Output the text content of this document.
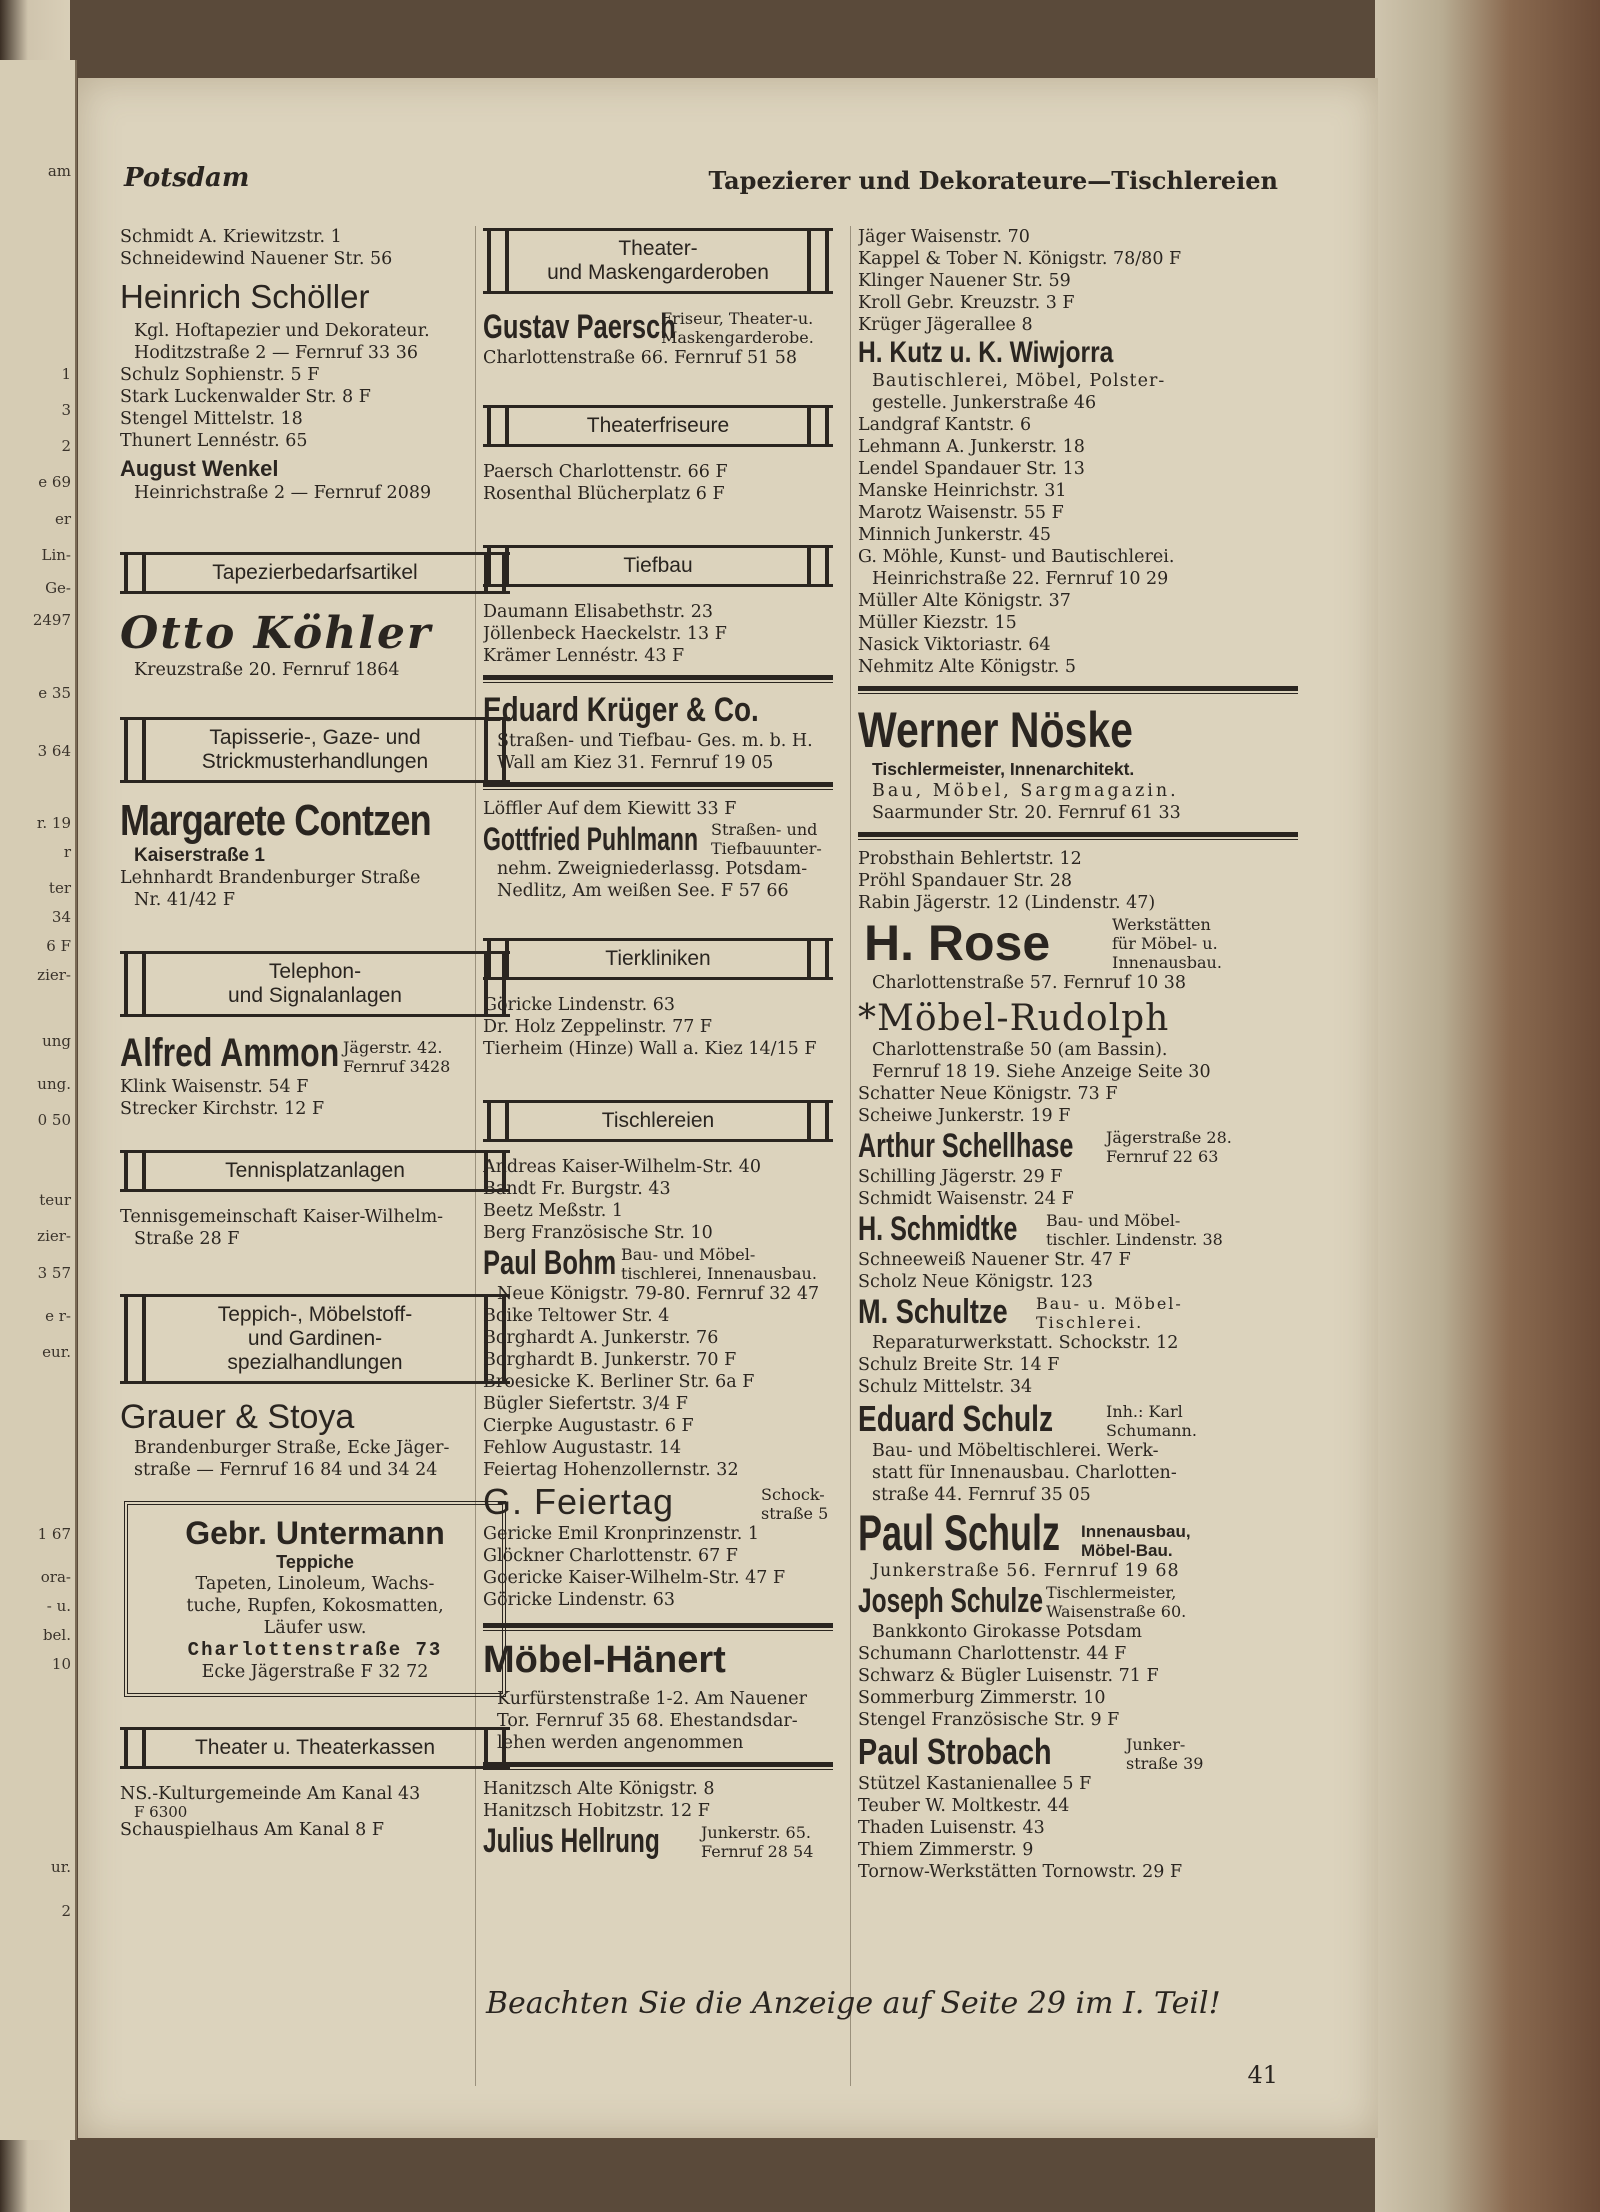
am
1
3
2
e 69
er
Lin-
Ge-
2497
e 35
3 64
r. 19
r
ter
34
6 F
zier-
ung
ung.
0 50
teur
zier-
3 57
e r-
eur.
1 67
ora-
- u.
bel.
10
ur.
2
Potsdam	Tapezierer und Dekorateure—Tischlereien
Schmidt A. Kriewitzstr. 1
Schneidewind Nauener Str. 56
Heinrich Schöller
Kgl. Hoftapezier und Dekorateur.
Hoditzstraße 2 — Fernruf 33 36
Schulz Sophienstr. 5 F
Stark Luckenwalder Str. 8 F
Stengel Mittelstr. 18
Thunert Lennéstr. 65
August Wenkel
Heinrichstraße 2 — Fernruf 2089
Tapezierbedarfsartikel
Otto Köhler
Kreuzstraße 20. Fernruf 1864
Tapisserie-, Gaze- und
Strickmusterhandlungen
Margarete Contzen
Kaiserstraße 1
Lehnhardt Brandenburger Straße
Nr. 41/42 F
Telephon-
und Signalanlagen
Alfred Ammon Jägerstr. 42.
Fernruf 3428
Klink Waisenstr. 54 F
Strecker Kirchstr. 12 F
Tennisplatzanlagen
Tennisgemeinschaft Kaiser-Wilhelm-
Straße 28 F
Teppich-, Möbelstoff-
und Gardinen-
spezialhandlungen
Grauer & Stoya
Brandenburger Straße, Ecke Jäger-
straße — Fernruf 16 84 und 34 24
Gebr. Untermann
Teppiche
Tapeten, Linoleum, Wachs-
tuche, Rupfen, Kokosmatten,
Läufer usw.
Charlottenstraße 73
Ecke Jägerstraße F 32 72
Theater u. Theaterkassen
NS.-Kulturgemeinde Am Kanal 43
F 6300
Schauspielhaus Am Kanal 8 F
Theater-
und Maskengarderoben
Gustav Paersch
Friseur, Theater-u.
Maskengarderobe.
Charlottenstraße 66. Fernruf 51 58
Theaterfriseure
Paersch Charlottenstr. 66 F
Rosenthal Blücherplatz 6 F
Tiefbau
Daumann Elisabethstr. 23
Jöllenbeck Haeckelstr. 13 F
Krämer Lennéstr. 43 F
Eduard Krüger & Co.
Straßen- und Tiefbau- Ges. m. b. H.
Wall am Kiez 31. Fernruf 19 05
Löffler Auf dem Kiewitt 33 F
Gottfried Puhlmann Straßen- und
Tiefbauunter-
nehm. Zweigniederlassg. Potsdam-
Nedlitz, Am weißen See. F 57 66
Tierkliniken
Göricke Lindenstr. 63
Dr. Holz Zeppelinstr. 77 F
Tierheim (Hinze) Wall a. Kiez 14/15 F
Tischlereien
Andreas Kaiser-Wilhelm-Str. 40
Bandt Fr. Burgstr. 43
Beetz Meßstr. 1
Berg Französische Str. 10
Paul Bohm Bau- und Möbel-
tischlerei, Innenausbau.
Neue Königstr. 79-80. Fernruf 32 47
Boike Teltower Str. 4
Borghardt A. Junkerstr. 76
Borghardt B. Junkerstr. 70 F
Broesicke K. Berliner Str. 6a F
Bügler Siefertstr. 3/4 F
Cierpke Augustastr. 6 F
Fehlow Augustastr. 14
Feiertag Hohenzollernstr. 32
G. Feiertag	Schock-
straße 5
Gericke Emil Kronprinzenstr. 1
Glöckner Charlottenstr. 67 F
Goericke Kaiser-Wilhelm-Str. 47 F
Göricke Lindenstr. 63
Möbel-Hänert
Kurfürstenstraße 1-2. Am Nauener
Tor. Fernruf 35 68. Ehestandsdar-
lehen werden angenommen
Hanitzsch Alte Königstr. 8
Hanitzsch Hobitzstr. 12 F
Julius Hellrung	Junkerstr. 65.
Fernruf 28 54
Jäger Waisenstr. 70
Kappel & Tober N. Königstr. 78/80 F
Klinger Nauener Str. 59
Kroll Gebr. Kreuzstr. 3 F
Krüger Jägerallee 8
H. Kutz u. K. Wiwjorra
Bautischlerei, Möbel, Polster-
gestelle. Junkerstraße 46
Landgraf Kantstr. 6
Lehmann A. Junkerstr. 18
Lendel Spandauer Str. 13
Manske Heinrichstr. 31
Marotz Waisenstr. 55 F
Minnich Junkerstr. 45
G. Möhle, Kunst- und Bautischlerei.
Heinrichstraße 22. Fernruf 10 29
Müller Alte Königstr. 37
Müller Kiezstr. 15
Nasick Viktoriastr. 64
Nehmitz Alte Königstr. 5
Werner Nöske
Tischlermeister, Innenarchitekt.
Bau, Möbel, Sargmagazin.
Saarmunder Str. 20. Fernruf 61 33
Probsthain Behlertstr. 12
Pröhl Spandauer Str. 28
Rabin Jägerstr. 12 (Lindenstr. 47)
H. Rose	Werkstätten
für Möbel- u.
Innenausbau.
Charlottenstraße 57. Fernruf 10 38
*Möbel-Rudolph
Charlottenstraße 50 (am Bassin).
Fernruf 18 19. Siehe Anzeige Seite 30
Schatter Neue Königstr. 73 F
Scheiwe Junkerstr. 19 F
Arthur Schellhase Jägerstraße 28.
Fernruf 22 63
Schilling Jägerstr. 29 F
Schmidt Waisenstr. 24 F
H. Schmidtke Bau- und Möbel-
tischler. Lindenstr. 38
Schneeweiß Nauener Str. 47 F
Scholz Neue Königstr. 123
M. Schultze Bau- u. Möbel-
Tischlerei.
Reparaturwerkstatt. Schockstr. 12
Schulz Breite Str. 14 F
Schulz Mittelstr. 34
Eduard Schulz	Inh.: Karl
Schumann.
Bau- und Möbeltischlerei. Werk-
statt für Innenausbau. Charlotten-
straße 44. Fernruf 35 05
Paul Schulz Innenausbau,
Möbel-Bau.
Junkerstraße 56. Fernruf 19 68
Joseph Schulze Tischlermeister,
Waisenstraße 60.
Bankkonto Girokasse Potsdam
Schumann Charlottenstr. 44 F
Schwarz & Bügler Luisenstr. 71 F
Sommerburg Zimmerstr. 10
Stengel Französische Str. 9 F
Paul Strobach	Junker-
straße 39
Stützel Kastanienallee 5 F
Teuber W. Moltkestr. 44
Thaden Luisenstr. 43
Thiem Zimmerstr. 9
Tornow-Werkstätten Tornowstr. 29 F
Beachten Sie die Anzeige auf Seite 29 im I. Teil!
41
